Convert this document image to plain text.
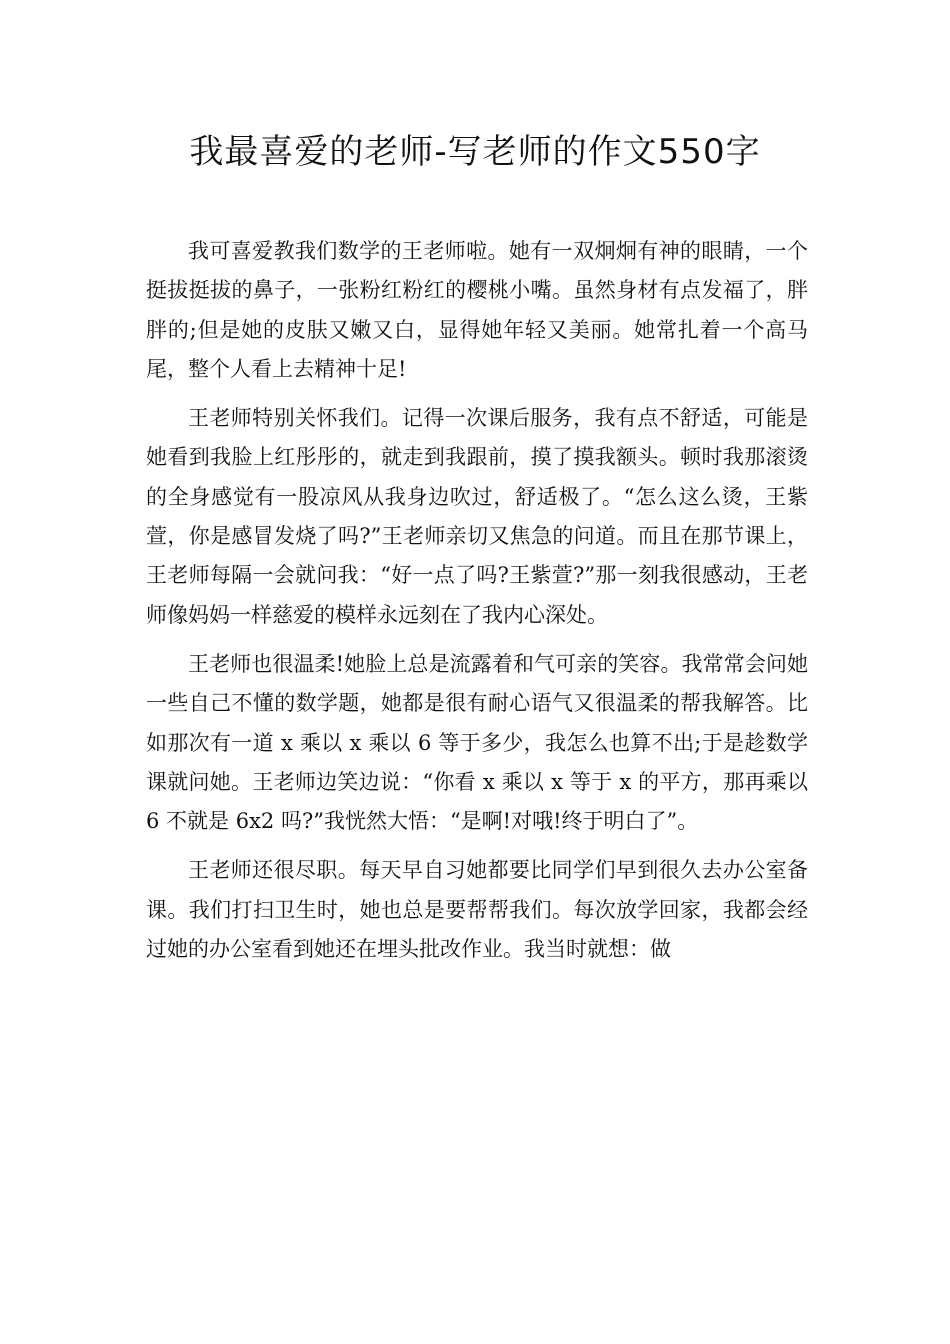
我最喜爱的老师-写老师的作文550字

我可喜爱教我们数学的王老师啦。她有一双炯炯有神的眼睛，一个挺拔挺拔的鼻子，一张粉红粉红的樱桃小嘴。虽然身材有点发福了，胖胖的;但是她的皮肤又嫩又白，显得她年轻又美丽。她常扎着一个高马尾，整个人看上去精神十足!

王老师特别关怀我们。记得一次课后服务，我有点不舒适，可能是她看到我脸上红彤彤的，就走到我跟前，摸了摸我额头。顿时我那滚烫的全身感觉有一股凉风从我身边吹过，舒适极了。“怎么这么烫，王紫萱，你是感冒发烧了吗?”王老师亲切又焦急的问道。而且在那节课上，王老师每隔一会就问我：“好一点了吗?王紫萱?”那一刻我很感动，王老师像妈妈一样慈爱的模样永远刻在了我内心深处。

王老师也很温柔!她脸上总是流露着和气可亲的笑容。我常常会问她一些自己不懂的数学题，她都是很有耐心语气又很温柔的帮我解答。比如那次有一道 x 乘以 x 乘以 6 等于多少，我怎么也算不出;于是趁数学课就问她。王老师边笑边说：“你看 x 乘以 x 等于 x 的平方，那再乘以 6 不就是 6x2 吗?”我恍然大悟：“是啊!对哦!终于明白了”。

王老师还很尽职。每天早自习她都要比同学们早到很久去办公室备课。我们打扫卫生时，她也总是要帮帮我们。每次放学回家，我都会经过她的办公室看到她还在埋头批改作业。我当时就想：做
